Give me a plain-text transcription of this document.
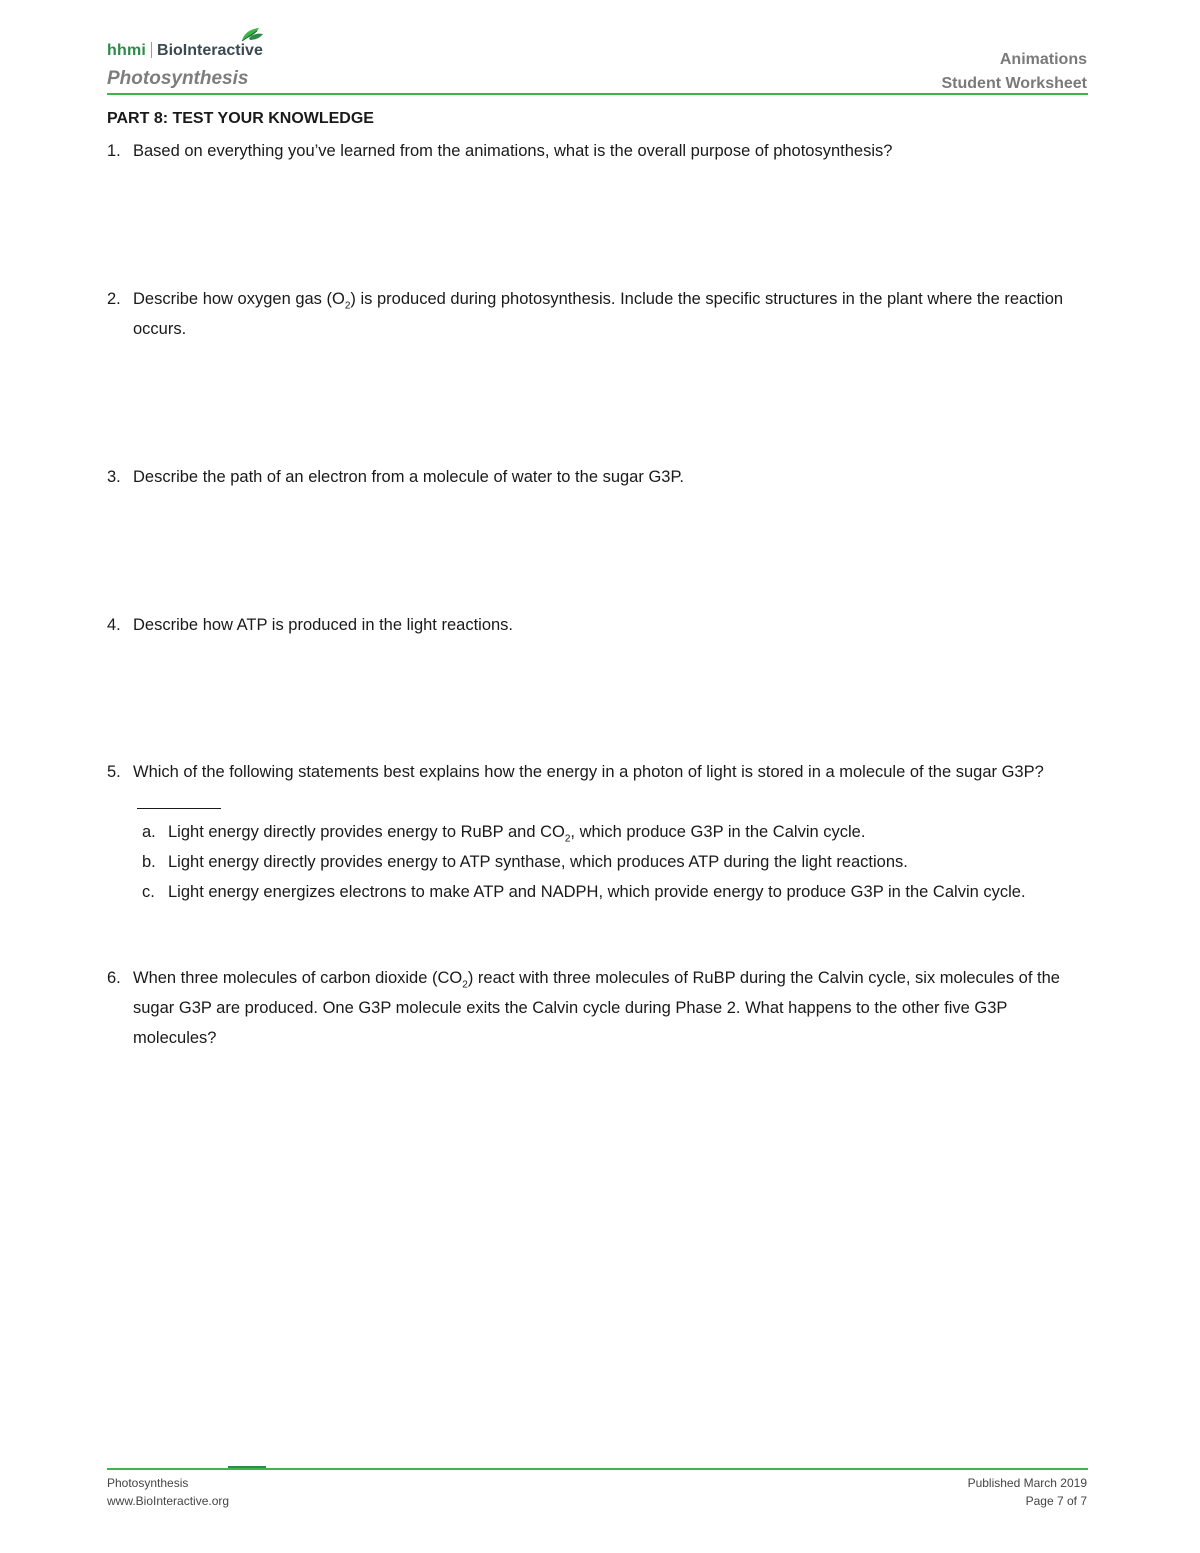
hhmi BioInteractive
Photosynthesis
Animations
Student Worksheet
PART 8: TEST YOUR KNOWLEDGE
1. Based on everything you’ve learned from the animations, what is the overall purpose of photosynthesis?
2. Describe how oxygen gas $(O_2)$ is produced during photosynthesis. Include the specific structures in the plant where the reaction occurs.
3. Describe the path of an electron from a molecule of water to the sugar G3P.
4. Describe how ATP is produced in the light reactions.
5. Which of the following statements best explains how the energy in a photon of light is stored in a molecule of the sugar G3P?
a. Light energy directly provides energy to RuBP and $CO_2$, which produce G3P in the Calvin cycle.
b. Light energy directly provides energy to ATP synthase, which produces ATP during the light reactions.
c. Light energy energizes electrons to make ATP and NADPH, which provide energy to produce G3P in the Calvin cycle.
6. When three molecules of carbon dioxide $(CO_2)$ react with three molecules of RuBP during the Calvin cycle, six molecules of the sugar G3P are produced. One G3P molecule exits the Calvin cycle during Phase 2. What happens to the other five G3P molecules?
Photosynthesis
www.BioInteractive.org
Published March 2019
Page 7 of 7
